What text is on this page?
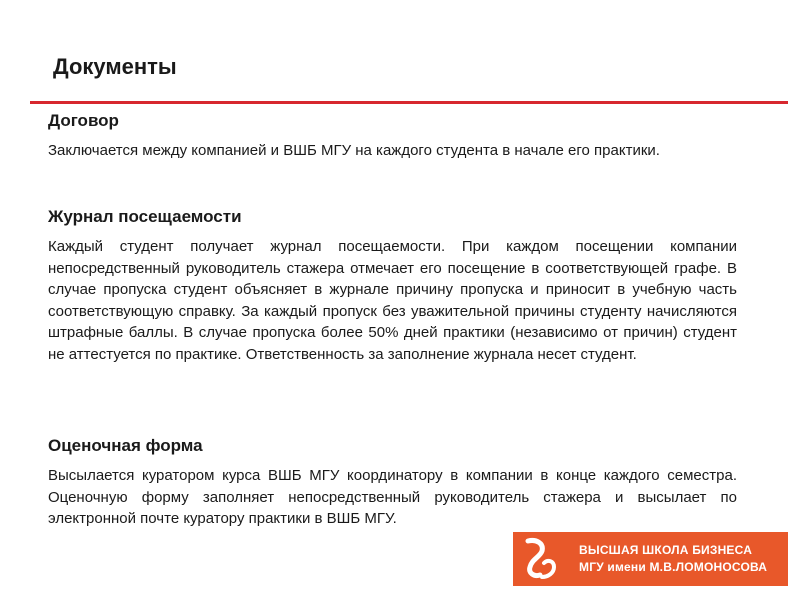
Документы
Договор

Заключается между компанией и ВШБ МГУ на каждого студента в начале его практики.

Журнал посещаемости

Каждый студент получает журнал посещаемости. При каждом посещении компании непосредственный руководитель стажера отмечает его посещение в соответствующей графе. В случае пропуска студент объясняет в журнале причину пропуска и приносит в учебную часть соответствующую справку. За каждый пропуск без уважительной причины студенту начисляются штрафные баллы. В случае пропуска более 50% дней практики (независимо от причин) студент не аттестуется по практике. Ответственность за заполнение журнала несет студент.

Оценочная форма

Высылается куратором курса ВШБ МГУ координатору в компании в конце каждого семестра. Оценочную форму заполняет непосредственный руководитель стажера и высылает по электронной почте куратору практики в ВШБ МГУ.

ВЫСШАЯ ШКОЛА БИЗНЕСА
МГУ имени М.В.ЛОМОНОСОВА
